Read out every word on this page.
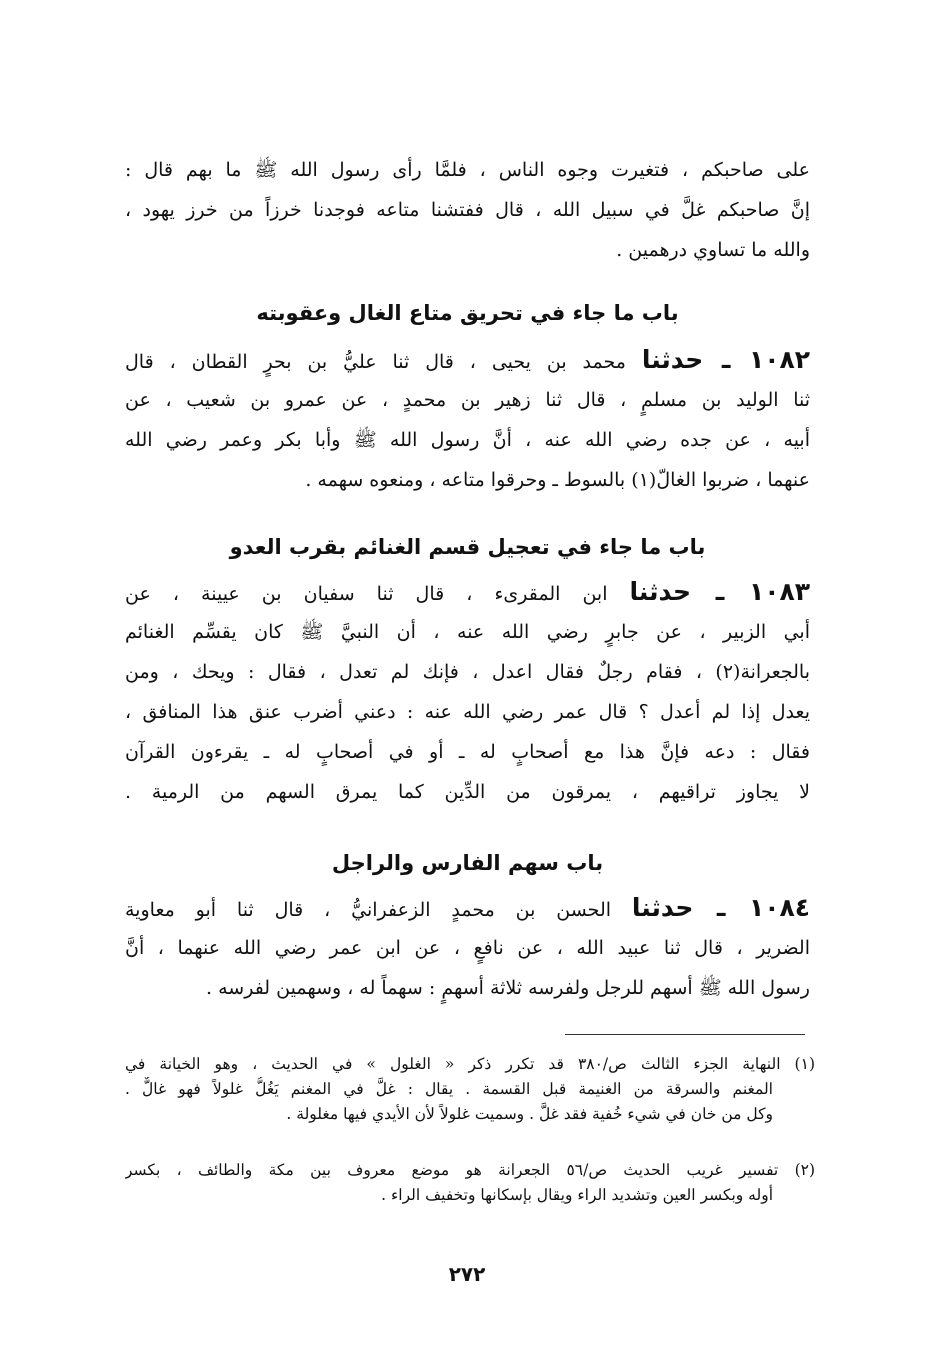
على صاحبكم ، فتغيرت وجوه الناس ، فلمَّا رأى رسول الله ﷺ ما بهم قال :
إنَّ صاحبكم غلَّ في سبيل الله ، قال ففتشنا متاعه فوجدنا خرزاً من خرز يهود ،
والله ما تساوي درهمين .
باب ما جاء في تحريق متاع الغال وعقوبته
١٠٨٢ ـ حدثنا محمد بن يحيى ، قال ثنا عليُّ بن بحرٍ القطان ، قال
ثنا الوليد بن مسلمٍ ، قال ثنا زهير بن محمدٍ ، عن عمرو بن شعيب ، عن
أبيه ، عن جده رضي الله عنه ، أنَّ رسول الله ﷺ وأبا بكر وعمر رضي الله
عنهما ، ضربوا الغالّ(١) بالسوط ـ وحرقوا متاعه ، ومنعوه سهمه .
باب ما جاء في تعجيل قسم الغنائم بقرب العدو
١٠٨٣ ـ حدثنا ابن المقرىء ، قال ثنا سفيان بن عيينة ، عن
أبي الزبير ، عن جابرٍ رضي الله عنه ، أن النبيَّ ﷺ كان يقسِّم الغنائم
بالجعرانة(٢) ، فقام رجلٌ فقال اعدل ، فإنك لم تعدل ، فقال : ويحك ، ومن
يعدل إذا لم أعدل ؟ قال عمر رضي الله عنه : دعني أضرب عنق هذا المنافق ،
فقال : دعه فإنَّ هذا مع أصحابٍ له ـ أو في أصحابٍ له ـ يقرءون القرآن
لا يجاوز تراقيهم ، يمرقون من الدِّين كما يمرق السهم من الرمية .
باب سهم الفارس والراجل
١٠٨٤ ـ حدثنا الحسن بن محمدٍ الزعفرانيُّ ، قال ثنا أبو معاوية
الضرير ، قال ثنا عبيد الله ، عن نافعٍ ، عن ابن عمر رضي الله عنهما ، أنَّ
رسول الله ﷺ أسهم للرجل ولفرسه ثلاثة أسهمٍ : سهماً له ، وسهمين لفرسه .
(١) النهاية الجزء الثالث ص/٣٨٠ قد تكرر ذكر « الغلول » في الحديث ، وهو الخيانة في
المغنم والسرقة من الغنيمة قبل القسمة . يقال : غلَّ في المغنم يَغُلُّ غلولاً فهو غالٌّ .
وكل من خان في شيء خُفية فقد غلَّ . وسميت غلولاً لأن الأيدي فيها مغلولة .
(٢) تفسير غريب الحديث ص/٥٦ الجعرانة هو موضع معروف بين مكة والطائف ، بكسر
أوله وبكسر العين وتشديد الراء ويقال بإسكانها وتخفيف الراء .
٢٧٢
